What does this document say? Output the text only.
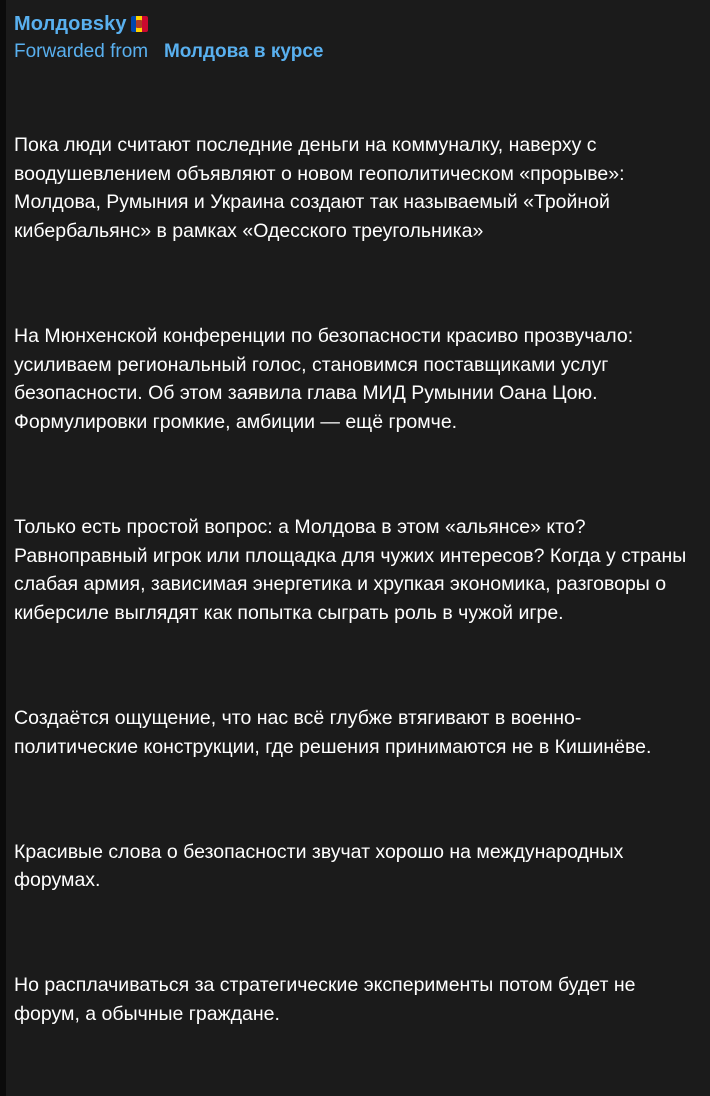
Молдовsky
Forwarded from Молдова в курсе

Пока люди считают последние деньги на коммуналку, наверху с воодушевлением объявляют о новом геополитическом «прорыве»: Молдова, Румыния и Украина создают так называемый «Тройной кибербальянс» в рамках «Одесского треугольника»

На Мюнхенской конференции по безопасности красиво прозвучало: усиливаем региональный голос, становимся поставщиками услуг безопасности. Об этом заявила глава МИД Румынии Оана Цою. Формулировки громкие, амбиции — ещё громче.

Только есть простой вопрос: а Молдова в этом «альянсе» кто? Равноправный игрок или площадка для чужих интересов? Когда у страны слабая армия, зависимая энергетика и хрупкая экономика, разговоры о киберсиле выглядят как попытка сыграть роль в чужой игре.

Создаётся ощущение, что нас всё глубже втягивают в военно-политические конструкции, где решения принимаются не в Кишинёве.

Красивые слова о безопасности звучат хорошо на международных форумах.

Но расплачиваться за стратегические эксперименты потом будет не форум, а обычные граждане.
